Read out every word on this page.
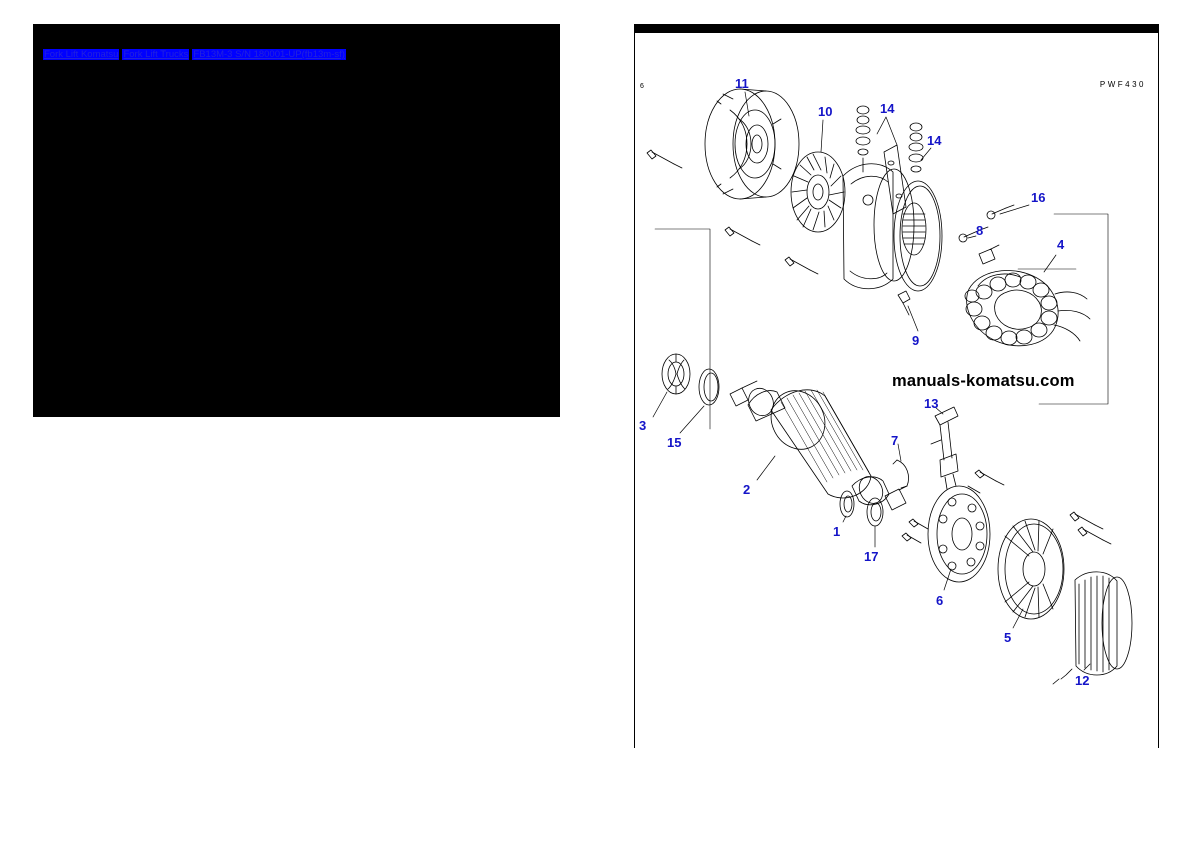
Fork Lift Komatsu Fork Lift Trucks FB13M-3 S/N 180001-UP(fb13m-sf)
6	PWF430
11
10	14
14
16
8
4
9
3
15
2
13
7
1
17
6
5
12
manuals-komatsu.com
